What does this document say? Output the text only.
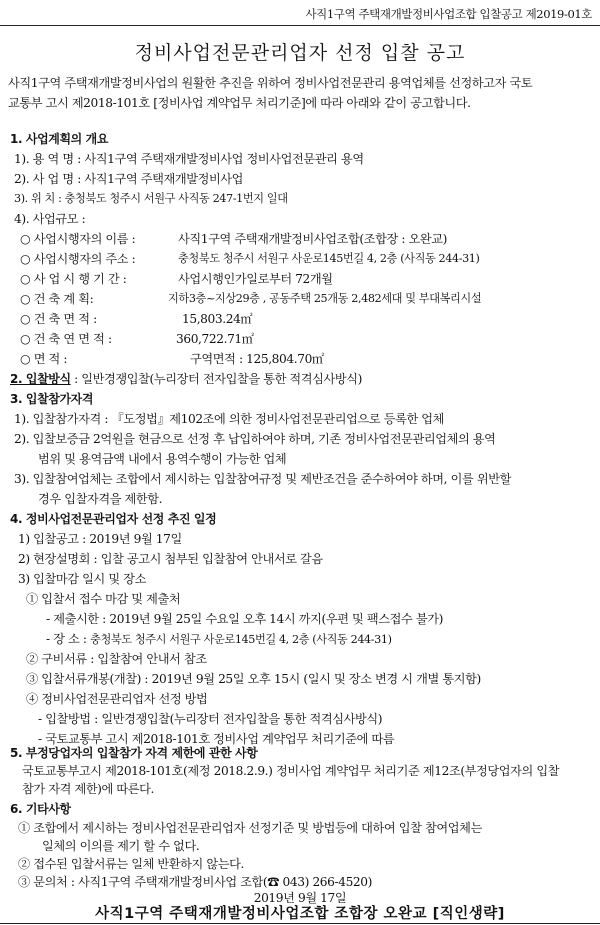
사직1구역 주택재개발정비사업조합 입찰공고 제2019-01호
정비사업전문관리업자 선정 입찰 공고
사직1구역 주택재개발정비사업의 원활한 추진을 위하여 정비사업전문관리 용역업체를 선정하고자 국토
교통부 고시 제2018-101호 [정비사업 계약업무 처리기준]에 따라 아래와 같이 공고합니다.
1. 사업계획의 개요
1). 용 역 명 : 사직1구역 주택재개발정비사업 정비사업전문관리 용역
2). 사 업 명 : 사직1구역 주택재개발정비사업
3). 위 치 : 충청북도 청주시 서원구 사직동 247-1번지 일대
4). 사업규모 :
○ 사업시행자의 이름 :	사직1구역 주택재개발정비사업조합(조합장 : 오완교)
○ 사업시행자의 주소 :	충청북도 청주시 서원구 사운로145번길 4, 2층 (사직동 244-31)
○ 사 업 시 행 기 간 :	사업시행인가일로부터 72개월
○ 건 축 계 획:	지하3층~지상29층 , 공동주택 25개동 2,482세대 및 부대복리시설
○ 건 축 면 적 :	15,803.24㎡
○ 건 축 연 면 적 :	360,722.71㎡
○ 면 적 :	구역면적 : 125,804.70㎡
2. 입찰방식 : 일반경쟁입찰(누리장터 전자입찰을 통한 적격심사방식)
3. 입찰참가자격
1). 입찰참가자격 : 『도정법』제102조에 의한 정비사업전문관리업으로 등록한 업체
2). 입찰보증금 2억원을 현금으로 선정 후 납입하여야 하며, 기존 정비사업전문관리업체의 용역
범위 및 용역금액 내에서 용역수행이 가능한 업체
3). 입찰참여업체는 조합에서 제시하는 입찰참여규정 및 제반조건을 준수하여야 하며, 이를 위반할
경우 입찰자격을 제한함.
4. 정비사업전문관리업자 선정 추진 일정
1) 입찰공고 : 2019년 9월 17일
2) 현장설명회 : 입찰 공고시 첨부된 입찰참여 안내서로 갈음
3) 입찰마감 일시 및 장소
① 입찰서 접수 마감 및 제출처
- 제출시한 : 2019년 9월 25일 수요일 오후 14시 까지(우편 및 팩스접수 불가)
- 장 소 : 충청북도 청주시 서원구 사운로145번길 4, 2층 (사직동 244-31)
② 구비서류 : 입찰참여 안내서 참조
③ 입찰서류개봉(개찰) : 2019년 9월 25일 오후 15시 (일시 및 장소 변경 시 개별 통지함)
④ 정비사업전문관리업자 선정 방법
- 입찰방법 : 일반경쟁입찰(누리장터 전자입찰을 통한 적격심사방식)
- 국토교통부 고시 제2018-101호 정비사업 계약업무 처리기준에 따름
5. 부정당업자의 입찰참가 자격 제한에 관한 사항
국토교통부고시 제2018-101호(제정 2018.2.9.) 정비사업 계약업무 처리기준 제12조(부정당업자의 입찰
참가 자격 제한)에 따른다.
6. 기타사항
① 조합에서 제시하는 정비사업전문관리업자 선정기준 및 방법등에 대하여 입찰 참여업체는
일체의 이의를 제기 할 수 없다.
② 접수된 입찰서류는 일체 반환하지 않는다.
사직1구역 주택재개발정비사업조합 조합장 오완교 [직인생략]
③ 문의처 : 사직1구역 주택재개발정비사업 조합(☎ 043) 266-4520)
2019년 9월 17일
